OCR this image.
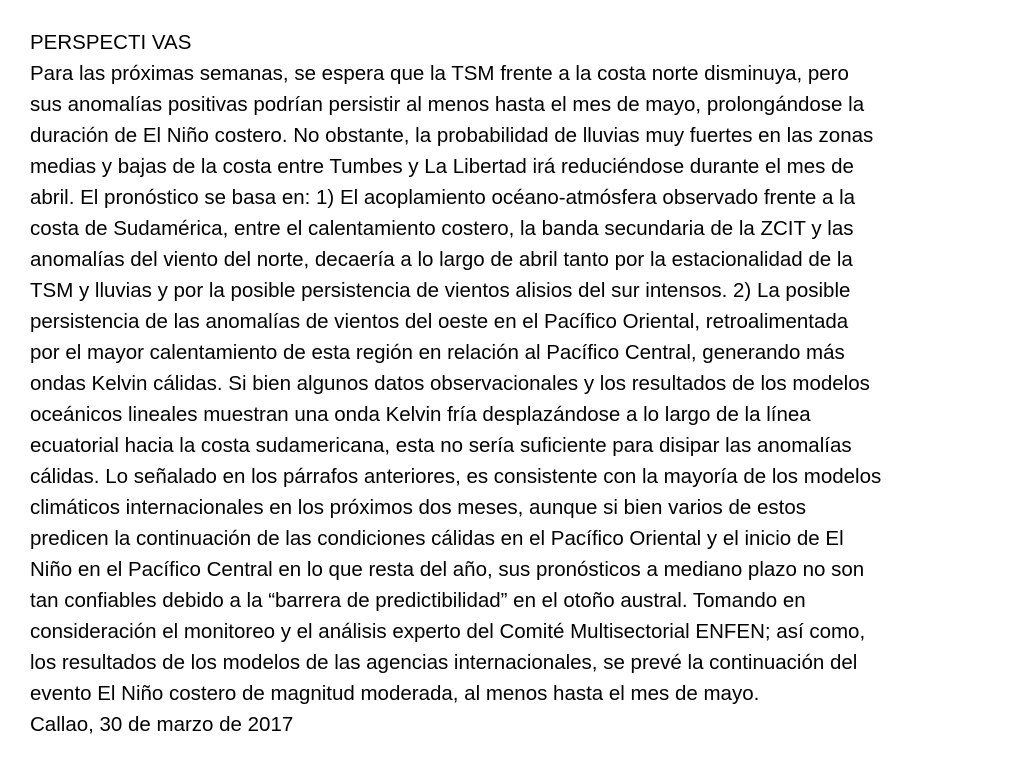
PERSPECTI VAS

Para las próximas semanas, se espera que la TSM frente a la costa norte disminuya, pero
sus anomalías positivas podrían persistir al menos hasta el mes de mayo, prolongándose la
duración de El Niño costero. No obstante, la probabilidad de lluvias muy fuertes en las zonas
medias y bajas de la costa entre Tumbes y La Libertad irá reduciéndose durante el mes de
abril. El pronóstico se basa en: 1) El acoplamiento océano-atmósfera observado frente a la
costa de Sudamérica, entre el calentamiento costero, la banda secundaria de la ZCIT y las
anomalías del viento del norte, decaería a lo largo de abril tanto por la estacionalidad de la
TSM y lluvias y por la posible persistencia de vientos alisios del sur intensos. 2) La posible
persistencia de las anomalías de vientos del oeste en el Pacífico Oriental, retroalimentada
por el mayor calentamiento de esta región en relación al Pacífico Central, generando más
ondas Kelvin cálidas. Si bien algunos datos observacionales y los resultados de los modelos
oceánicos lineales muestran una onda Kelvin fría desplazándose a lo largo de la línea
ecuatorial hacia la costa sudamericana, esta no sería suficiente para disipar las anomalías
cálidas. Lo señalado en los párrafos anteriores, es consistente con la mayoría de los modelos
climáticos internacionales en los próximos dos meses, aunque si bien varios de estos
predicen la continuación de las condiciones cálidas en el Pacífico Oriental y el inicio de El
Niño en el Pacífico Central en lo que resta del año, sus pronósticos a mediano plazo no son
tan confiables debido a la “barrera de predictibilidad” en el otoño austral. Tomando en
consideración el monitoreo y el análisis experto del Comité Multisectorial ENFEN; así como,
los resultados de los modelos de las agencias internacionales, se prevé la continuación del
evento El Niño costero de magnitud moderada, al menos hasta el mes de mayo.
Callao, 30 de marzo de 2017
